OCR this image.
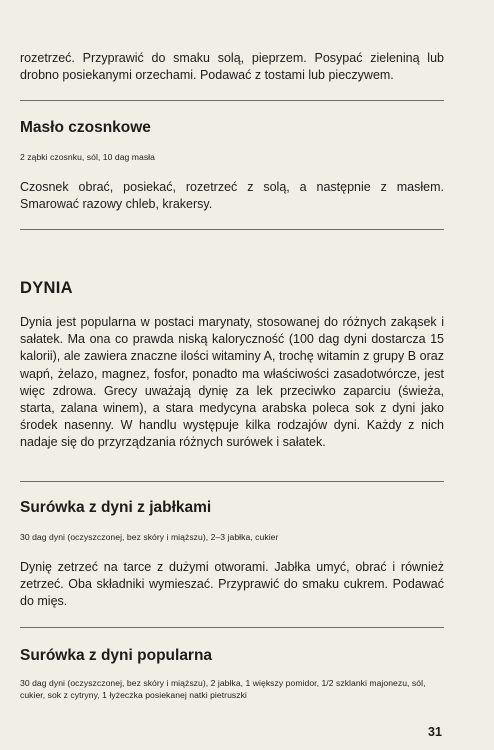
rozetrzeć. Przyprawić do smaku solą, pieprzem. Posypać zieleniną lub drobno posiekanymi orzechami. Podawać z tostami lub pieczywem.

Masło czosnkowe

2 ząbki czosnku, sól, 10 dag masła

Czosnek obrać, posiekać, rozetrzeć z solą, a następnie z masłem. Smarować razowy chleb, krakersy.

DYNIA

Dynia jest popularna w postaci marynaty, stosowanej do różnych zakąsek i sałatek. Ma ona co prawda niską kaloryczność (100 dag dyni dostarcza 15 kalorii), ale zawiera znaczne ilości witaminy A, trochę witamin z grupy B oraz wapń, żelazo, magnez, fosfor, ponadto ma właściwości zasadotwórcze, jest więc zdrowa. Grecy uważają dynię za lek przeciwko zaparciu (świeża, starta, zalana winem), a stara medycyna arabska poleca sok z dyni jako środek nasenny. W handlu występuje kilka rodzajów dyni. Każdy z nich nadaje się do przyrządzania różnych surówek i sałatek.

Surówka z dyni z jabłkami

30 dag dyni (oczyszczonej, bez skóry i miąższu), 2–3 jabłka, cukier

Dynię zetrzeć na tarce z dużymi otworami. Jabłka umyć, obrać i również zetrzeć. Oba składniki wymieszać. Przyprawić do smaku cukrem. Podawać do mięs.

Surówka z dyni popularna

30 dag dyni (oczyszczonej, bez skóry i miąższu), 2 jabłka, 1 większy pomidor, 1/2 szklanki majonezu, sól, cukier, sok z cytryny, 1 łyżeczka posiekanej natki pietruszki

31
